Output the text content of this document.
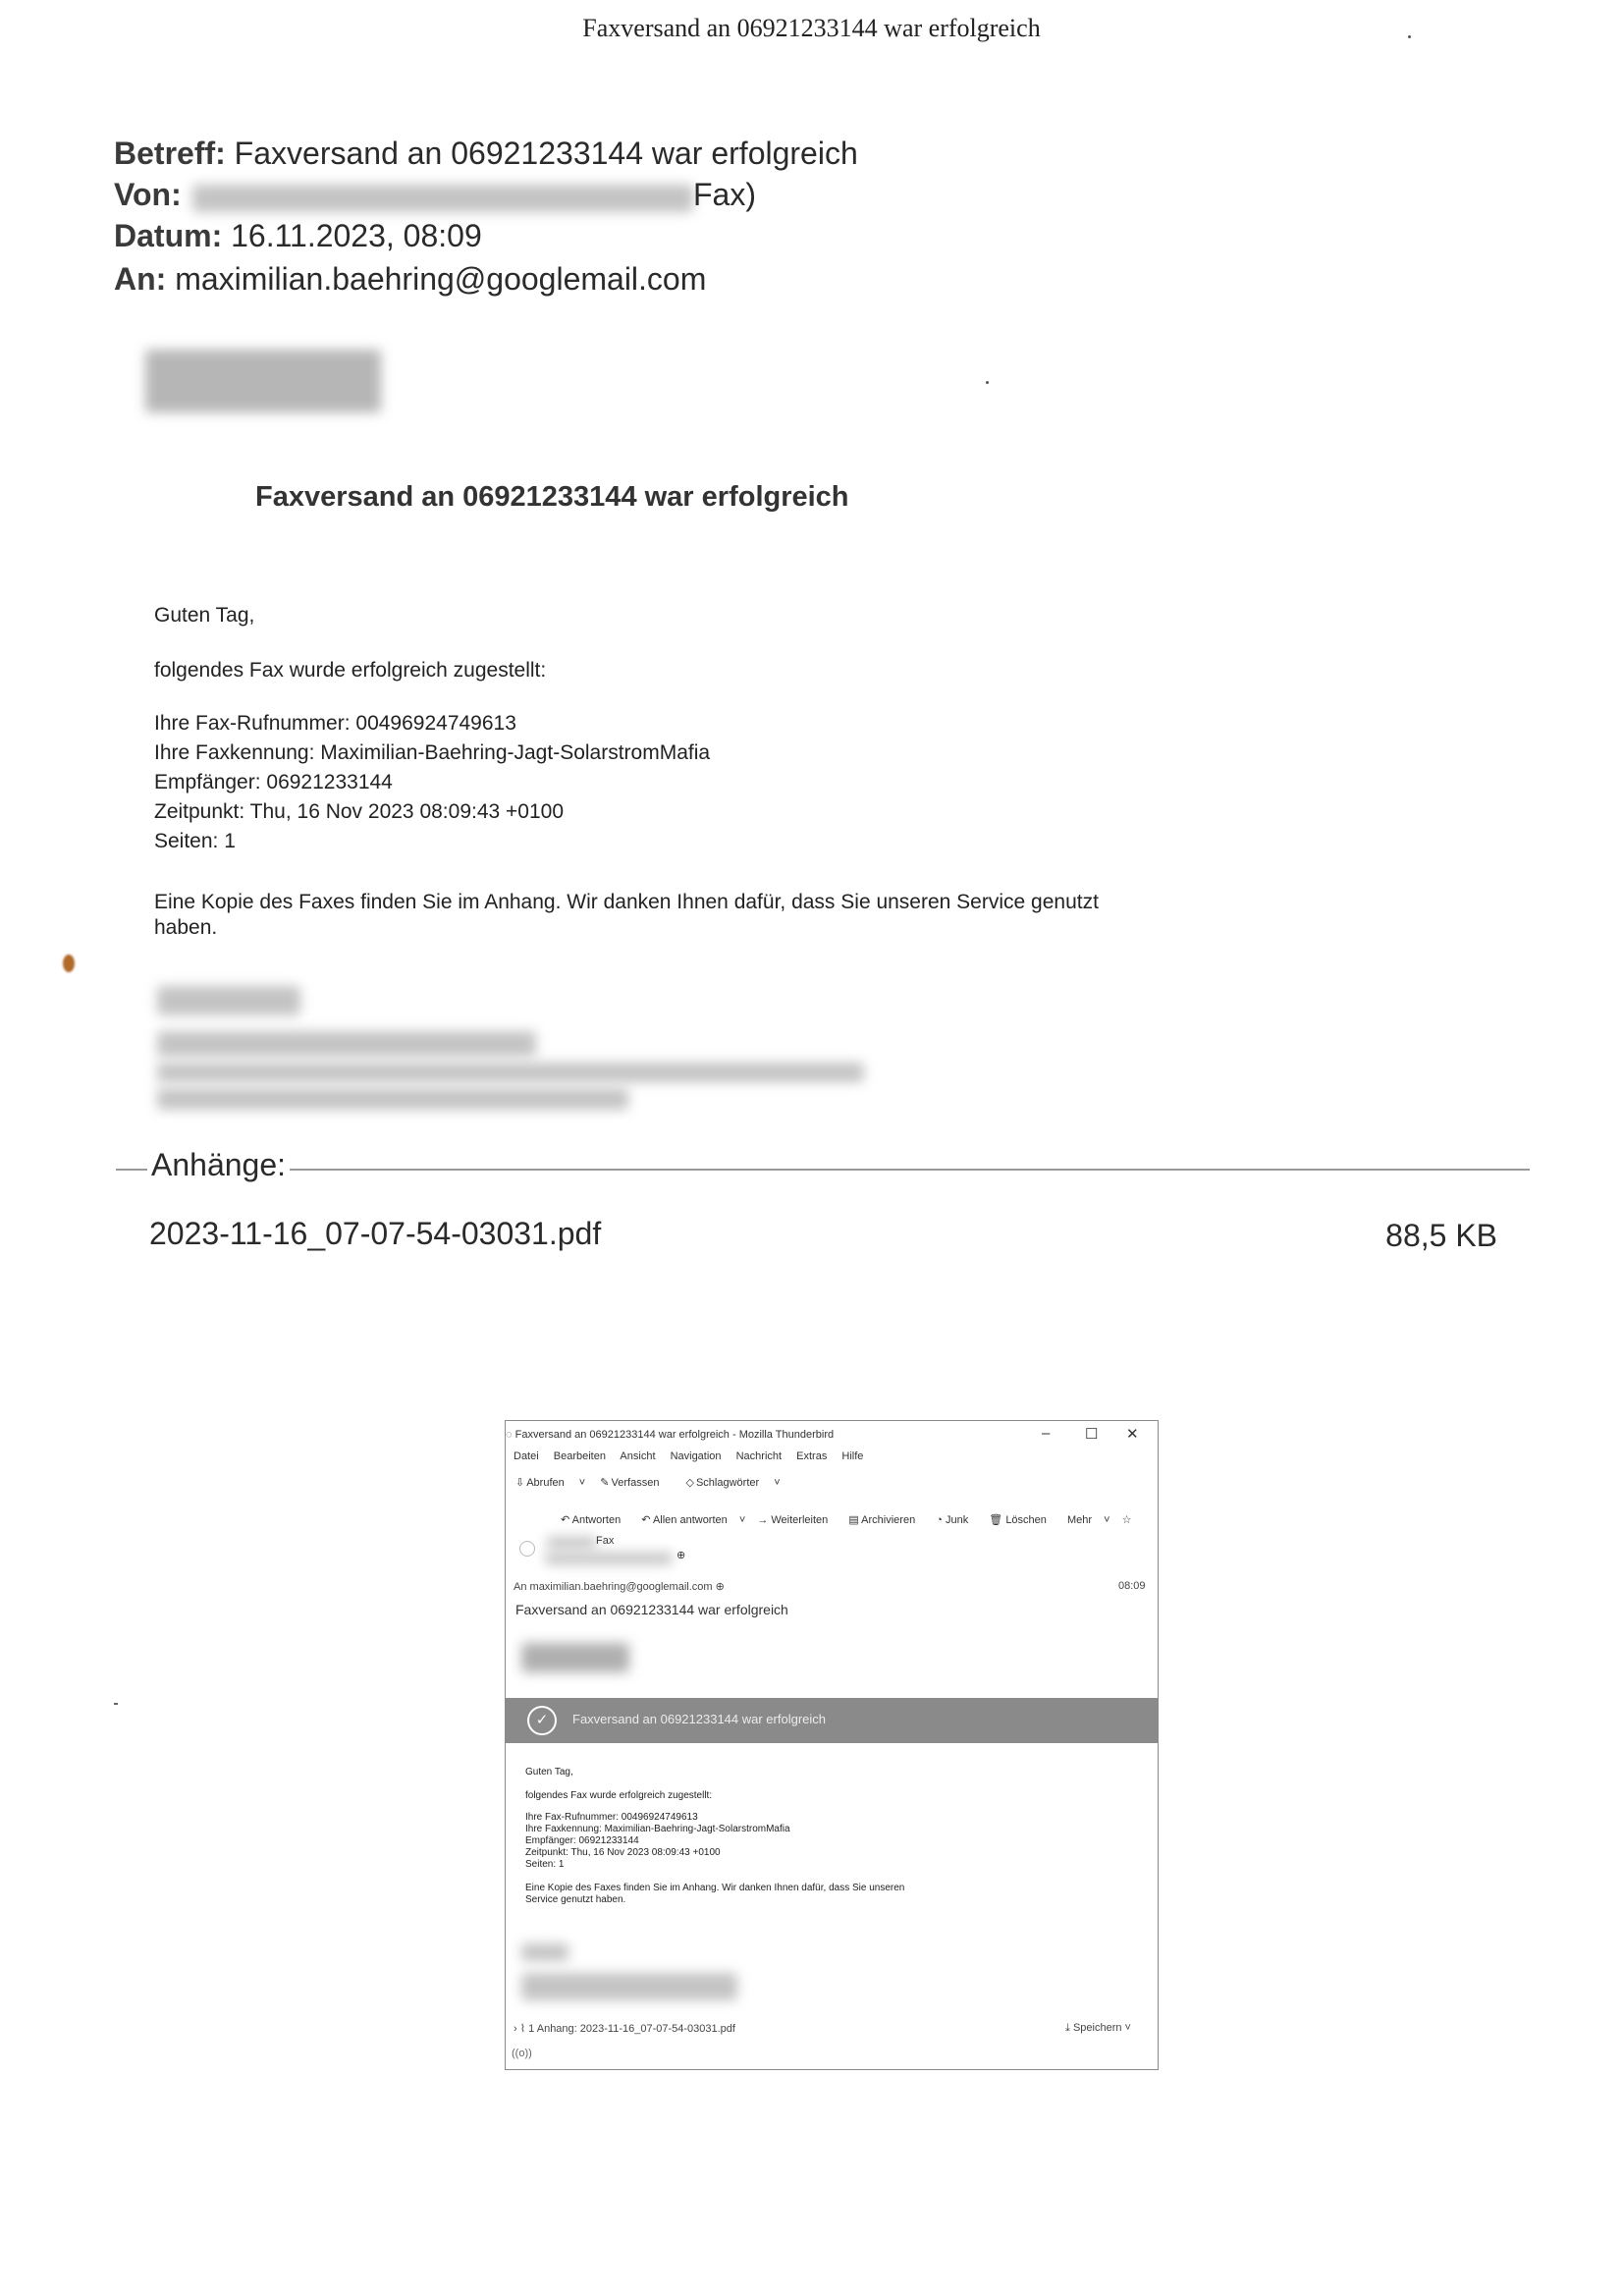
Faxversand an 06921233144 war erfolgreich
Betreff: Faxversand an 06921233144 war erfolgreich
Von:	Fax)
Datum: 16.11.2023, 08:09
An: maximilian.baehring@googlemail.com
Faxversand an 06921233144 war erfolgreich
Guten Tag,
folgendes Fax wurde erfolgreich zugestellt:
Ihre Fax-Rufnummer: 00496924749613
Ihre Faxkennung: Maximilian-Baehring-Jagt-SolarstromMafia
Empfänger: 06921233144
Zeitpunkt: Thu, 16 Nov 2023 08:09:43 +0100
Seiten: 1
Eine Kopie des Faxes finden Sie im Anhang. Wir danken Ihnen dafür, dass Sie unseren Service genutzt
haben.
Anhänge:
2023-11-16_07-07-54-03031.pdf	88,5 KB
◌ Faxversand an 06921233144 war erfolgreich - Mozilla Thunderbird	– ☐ ✕
Datei Bearbeiten Ansicht Navigation Nachricht Extras Hilfe
⇩ Abrufen ˅ ✎ Verfassen ◇ Schlagwörter ˅
↶ Antworten ↶ Allen antworten ˅ → Weiterleiten ▤ Archivieren ◔ Junk 🗑 Löschen Mehr ˅ ☆
Fax
⊕
An maximilian.baehring@googlemail.com ⊕	08:09
Faxversand an 06921233144 war erfolgreich
✓	Faxversand an 06921233144 war erfolgreich
Guten Tag,
folgendes Fax wurde erfolgreich zugestellt:
Ihre Fax-Rufnummer: 00496924749613
Ihre Faxkennung: Maximilian-Baehring-Jagt-SolarstromMafia
Empfänger: 06921233144
Zeitpunkt: Thu, 16 Nov 2023 08:09:43 +0100
Seiten: 1
Eine Kopie des Faxes finden Sie im Anhang. Wir danken Ihnen dafür, dass Sie unseren
Service genutzt haben.
› ⌇ 1 Anhang: 2023-11-16_07-07-54-03031.pdf	⤓ Speichern ˅
((o))
